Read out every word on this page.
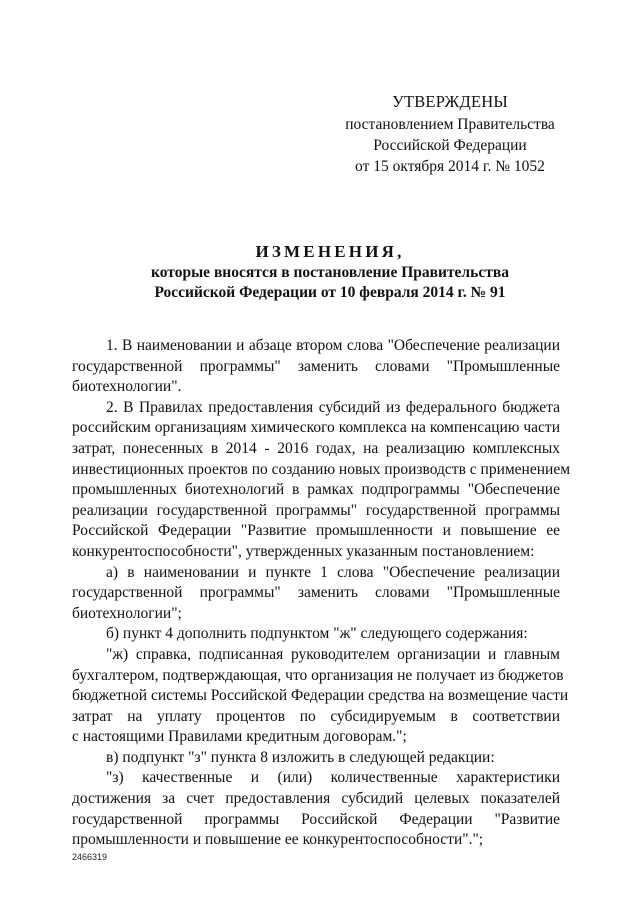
УТВЕРЖДЕНЫ
постановлением Правительства
Российской Федерации
от 15 октября 2014 г. № 1052
ИЗМЕНЕНИЯ,
которые вносятся в постановление Правительства
Российской Федерации от 10 февраля 2014 г. № 91
1. В наименовании и абзаце втором слова "Обеспечение реализации
государственной программы" заменить словами "Промышленные
биотехнологии".
2. В Правилах предоставления субсидий из федерального бюджета
российским организациям химического комплекса на компенсацию части
затрат, понесенных в 2014 - 2016 годах, на реализацию комплексных
инвестиционных проектов по созданию новых производств с применением
промышленных биотехнологий в рамках подпрограммы "Обеспечение
реализации государственной программы" государственной программы
Российской Федерации "Развитие промышленности и повышение ее
конкурентоспособности", утвержденных указанным постановлением:
а) в наименовании и пункте 1 слова "Обеспечение реализации
государственной программы" заменить словами "Промышленные
биотехнологии";
б) пункт 4 дополнить подпунктом "ж" следующего содержания:
"ж) справка, подписанная руководителем организации и главным
бухгалтером, подтверждающая, что организация не получает из бюджетов
бюджетной системы Российской Федерации средства на возмещение части
затрат на уплату процентов по субсидируемым в соответствии
с настоящими Правилами кредитным договорам.";
в) подпункт "з" пункта 8 изложить в следующей редакции:
"з) качественные и (или) количественные характеристики
достижения за счет предоставления субсидий целевых показателей
государственной программы Российской Федерации "Развитие
промышленности и повышение ее конкурентоспособности".";
2466319
